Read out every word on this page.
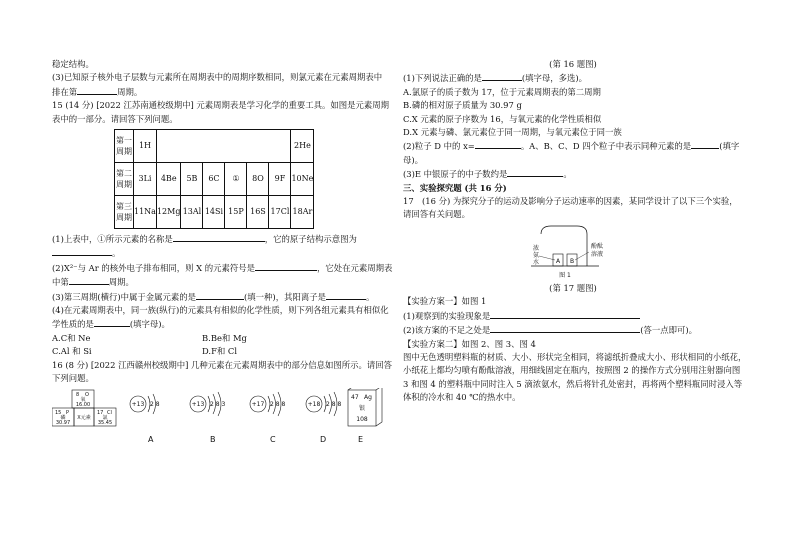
稳定结构。
(3)已知原子核外电子层数与元素所在周期表中的周期序数相同，则氯元素在元素周期表中
排在第	周期。
15 (14 分) [2022 江苏南通校级期中] 元素周期表是学习化学的重要工具。如图是元素周期
表中的一部分。请回答下列问题。
第一周期	1H							2He
第二周期	3Li	4Be	5B	6C	①	8O	9F	10Ne
第三周期	11Na	12Mg	13Al	14Si	15P	16S	17Cl	18Ar
(1)上表中，①所示元素的名称是	，它的原子结构示意图为
。
(2)X²⁻与 Ar 的核外电子排布相同，则 X 的元素符号是	，它处在元素周期表
中第	周期。
(3)第三周期(横行)中属于金属元素的是	(填一种)，其阳离子是	。
(4)在元素周期表中，同一族(纵行)的元素具有相似的化学性质，则下列各组元素具有相似化
学性质的是	(填字母)。
A.C和 Ne	B.Be和 Mg
C.Al 和 Si	D.F和 Cl
16 (8 分) [2022 江西赣州校级期中] 几种元素在元素周期表中的部分信息如图所示。请回答
下列问题。
8 O
氧
16.00
15 P
磷
30.97
X元素
17 Cl
氯
35.45
+13 2 8
A
+13 2 8 3
B
+17 2 8 8
C
+18 2 8 8
D
47 Ag
银
108
E
(第 16 题图)
(1)下列说法正确的是	(填字母，多选)。
A.氯原子的质子数为 17，位于元素周期表的第二周期
B.磷的相对原子质量为 30.97 g
C.X 元素的原子序数为 16，与氧元素的化学性质相似
D.X 元素与磷、氯元素位于同一周期，与氧元素位于同一族
(2)粒子 D 中的 x=	。A、B、C、D 四个粒子中表示同种元素的是	(填字
母)。
(3)E 中银原子的中子数约是	。
三、实验探究题 (共 16 分)
17　(16 分) 为探究分子的运动及影响分子运动速率的因素，某同学设计了以下三个实验，
请回答有关问题。
A B
浓
氨
水
酚酞
溶液
图 1
(第 17 题图)
【实验方案一】如图 1
(1)观察到的实验现象是
(2)该方案的不足之处是	(答一点即可)。
【实验方案二】如图 2、图 3、图 4
图中无色透明塑料瓶的材质、大小、形状完全相同，将滤纸折叠成大小、形状相同的小纸花，
小纸花上都均匀喷有酚酞溶液，用细线固定在瓶内，按照图 2 的操作方式分别用注射器向图
3 和图 4 的塑料瓶中同时注入 5 滴浓氨水，然后将针孔处密封，再将两个塑料瓶同时浸入等
体积的冷水和 40 ℃的热水中。
